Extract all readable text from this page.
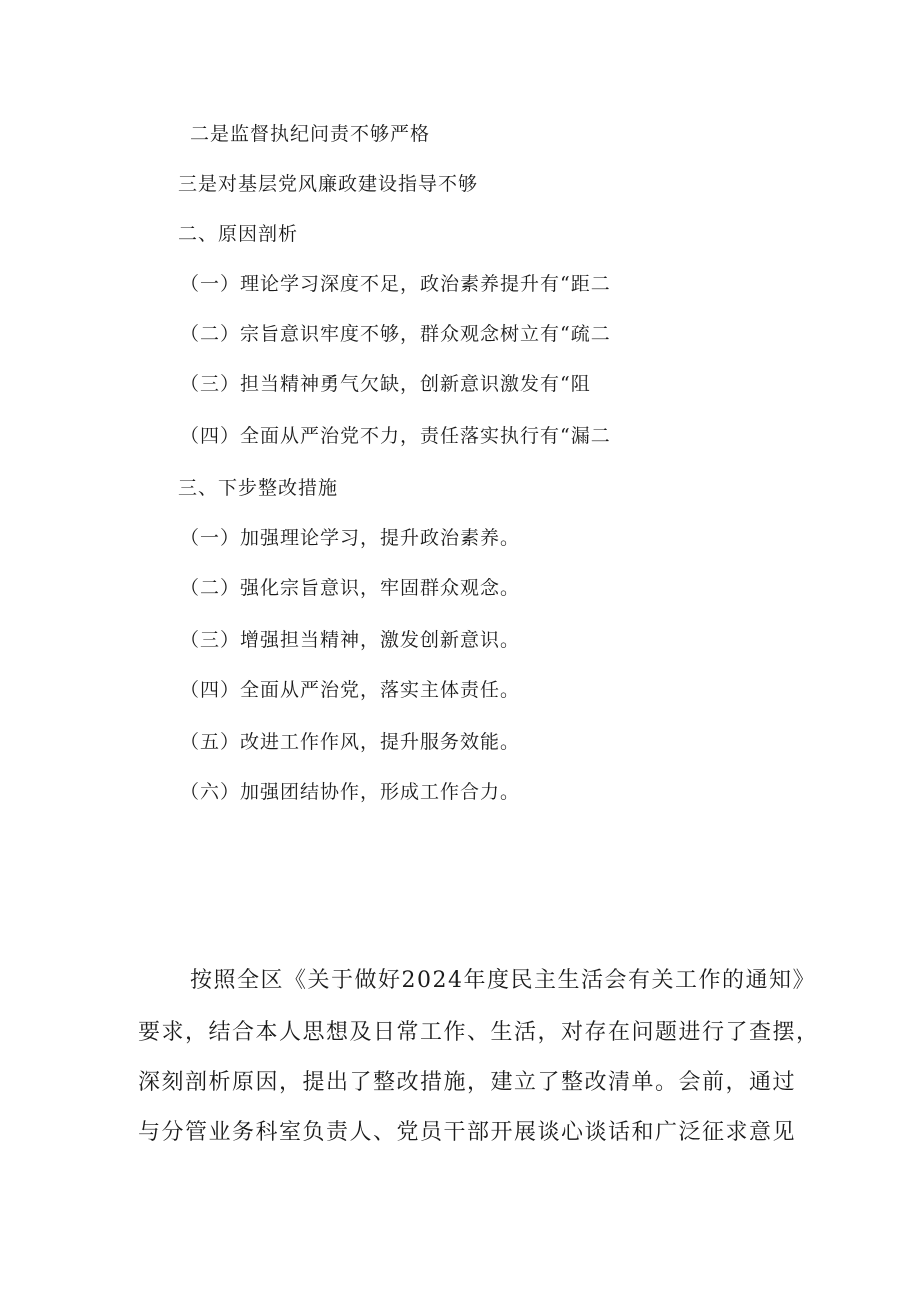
二是监督执纪问责不够严格
三是对基层党风廉政建设指导不够
二、原因剖析
（一）理论学习深度不足，政治素养提升有“距二
（二）宗旨意识牢度不够，群众观念树立有“疏二
（三）担当精神勇气欠缺，创新意识激发有“阻
（四）全面从严治党不力，责任落实执行有“漏二
三、下步整改措施
（一）加强理论学习，提升政治素养。
（二）强化宗旨意识，牢固群众观念。
（三）增强担当精神，激发创新意识。
（四）全面从严治党，落实主体责任。
（五）改进工作作风，提升服务效能。
（六）加强团结协作，形成工作合力。
按照全区《关于做好2024年度民主生活会有关工作的通知》
要求，结合本人思想及日常工作、生活，对存在问题进行了查摆，
深刻剖析原因，提出了整改措施，建立了整改清单。会前，通过
与分管业务科室负责人、党员干部开展谈心谈话和广泛征求意见
